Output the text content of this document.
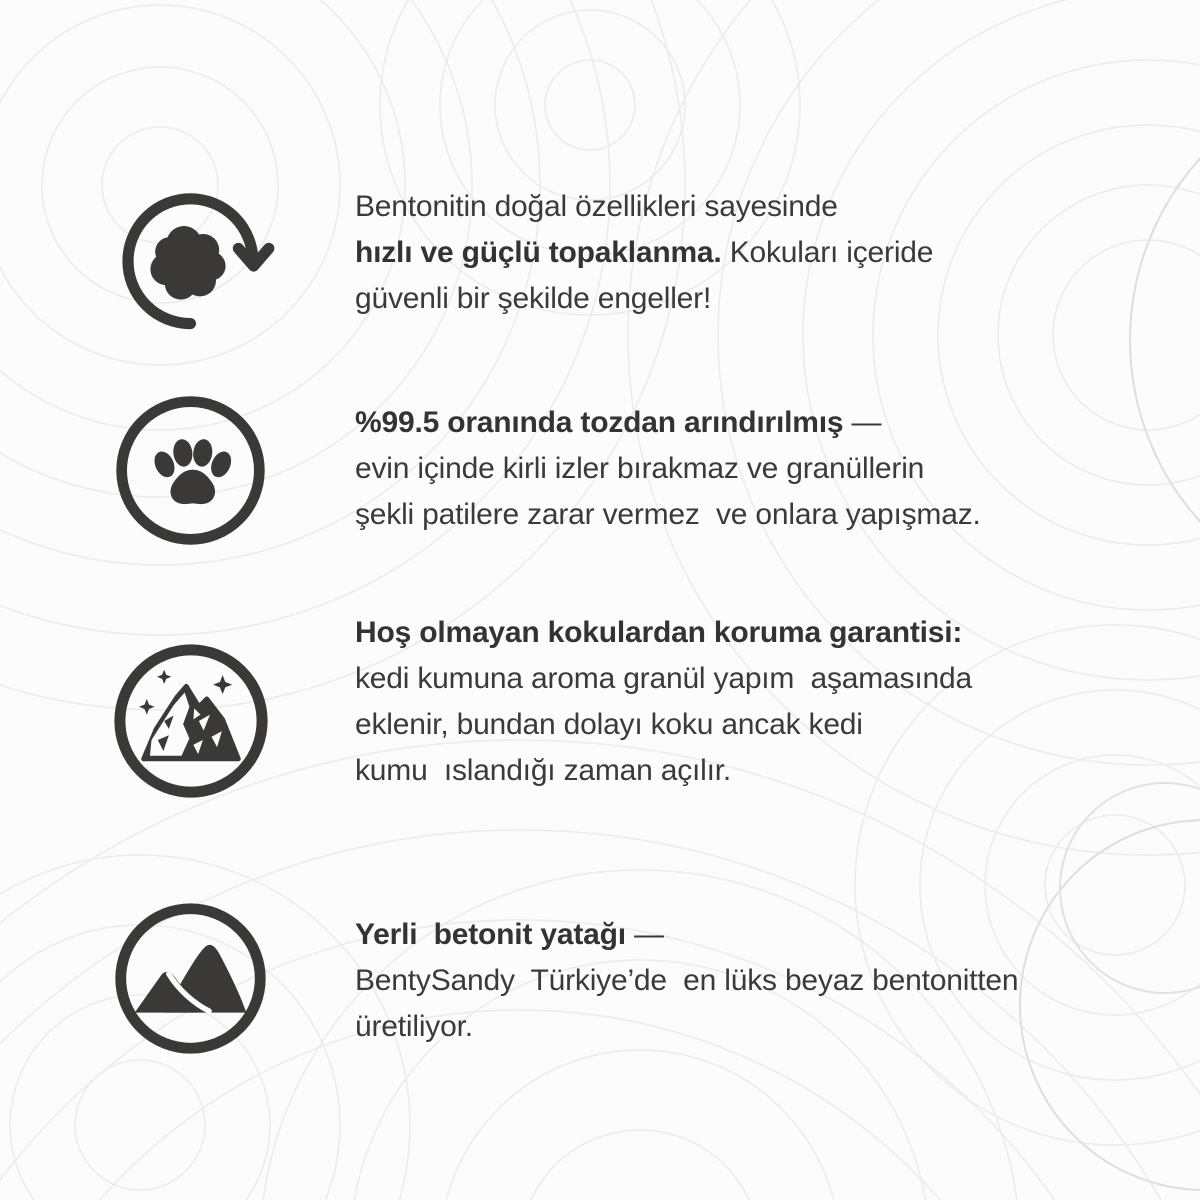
Bentonitin doğal özellikleri sayesinde
hızlı ve güçlü topaklanma. Kokuları içeride
güvenli bir şekilde engeller!
%99.5 oranında tozdan arındırılmış —
evin içinde kirli izler bırakmaz ve granüllerin
şekli patilere zarar vermez  ve onlara yapışmaz.
Hoş olmayan kokulardan koruma garantisi:
kedi kumuna aroma granül yapım  aşamasında
eklenir, bundan dolayı koku ancak kedi
kumu  ıslandığı zaman açılır.
Yerli  betonit yatağı —
BentySandy  Türkiye’de  en lüks beyaz bentonitten
üretiliyor.
